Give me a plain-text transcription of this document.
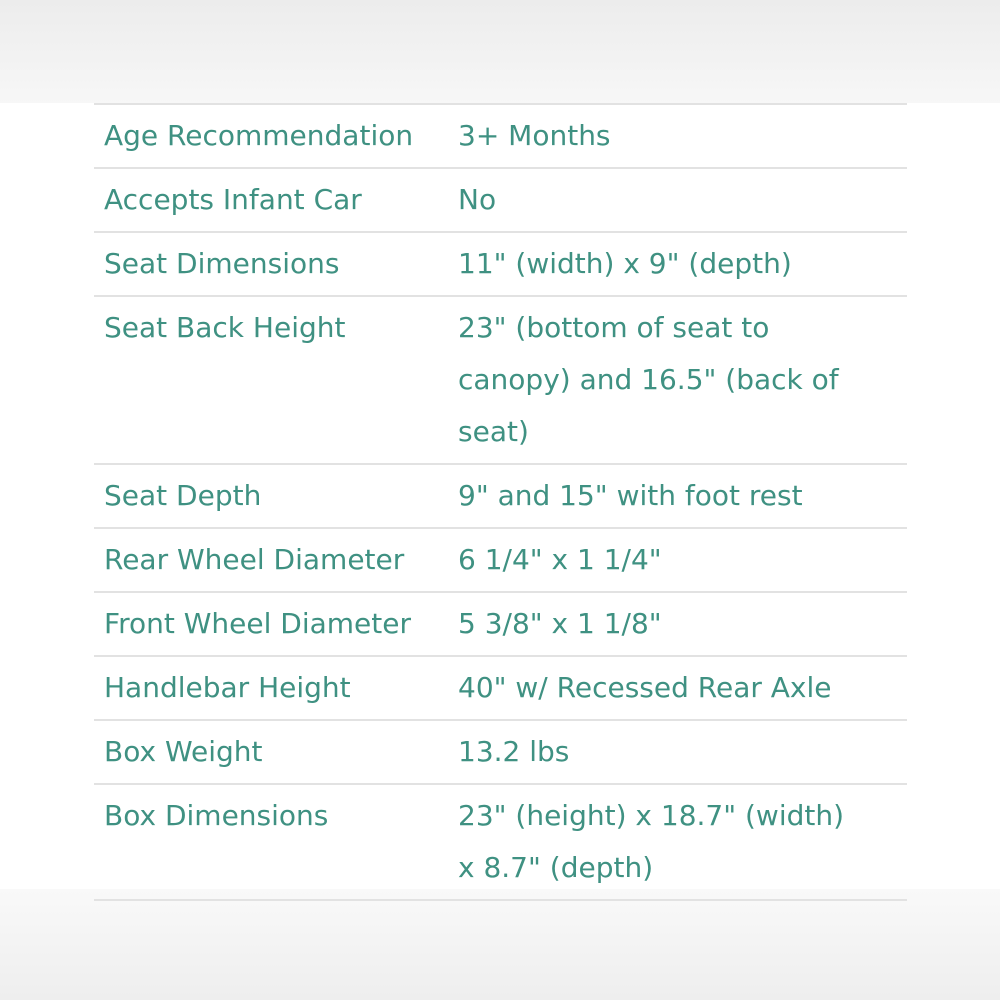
Age Recommendation	3+ Months
Accepts Infant Car	No
Seat Dimensions	11" (width) x 9" (depth)
Seat Back Height	23" (bottom of seat to canopy) and 16.5" (back of seat)
Seat Depth	9" and 15" with foot rest
Rear Wheel Diameter	6 1/4" x 1 1/4"
Front Wheel Diameter	5 3/8" x 1 1/8"
Handlebar Height	40" w/ Recessed Rear Axle
Box Weight	13.2 lbs
Box Dimensions	23" (height) x 18.7" (width) x 8.7" (depth)
